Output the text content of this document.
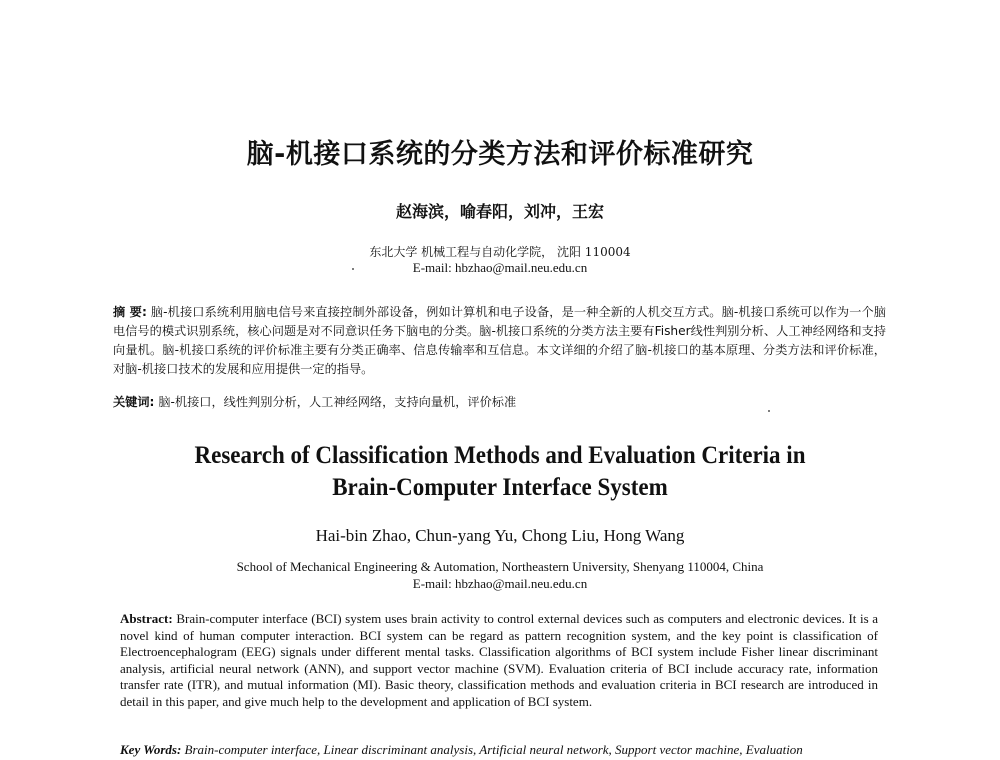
脑-机接口系统的分类方法和评价标准研究
赵海滨，喻春阳，刘冲，王宏
东北大学 机械工程与自动化学院， 沈阳 110004
E-mail: hbzhao@mail.neu.edu.cn
摘 要: 脑-机接口系统利用脑电信号来直接控制外部设备，例如计算机和电子设备，是一种全新的人机交互方式。脑-机接口系统可以作为一个脑电信号的模式识别系统，核心问题是对不同意识任务下脑电的分类。脑-机接口系统的分类方法主要有Fisher线性判别分析、人工神经网络和支持向量机。脑-机接口系统的评价标准主要有分类正确率、信息传输率和互信息。本文详细的介绍了脑-机接口的基本原理、分类方法和评价标准，对脑-机接口技术的发展和应用提供一定的指导。
关键词: 脑-机接口，线性判别分析，人工神经网络，支持向量机，评价标准
Research of Classification Methods and Evaluation Criteria in
Brain-Computer Interface System
Hai-bin Zhao, Chun-yang Yu, Chong Liu, Hong Wang
School of Mechanical Engineering & Automation, Northeastern University, Shenyang 110004, China
E-mail: hbzhao@mail.neu.edu.cn
Abstract: Brain-computer interface (BCI) system uses brain activity to control external devices such as computers and electronic devices. It is a novel kind of human computer interaction. BCI system can be regard as pattern recognition system, and the key point is classification of Electroencephalogram (EEG) signals under different mental tasks. Classification algorithms of BCI system include Fisher linear discriminant analysis, artificial neural network (ANN), and support vector machine (SVM). Evaluation criteria of BCI include accuracy rate, information transfer rate (ITR), and mutual information (MI). Basic theory, classification methods and evaluation criteria in BCI research are introduced in detail in this paper, and give much help to the development and application of BCI system.
Key Words: Brain-computer interface, Linear discriminant analysis, Artificial neural network, Support vector machine, Evaluation
